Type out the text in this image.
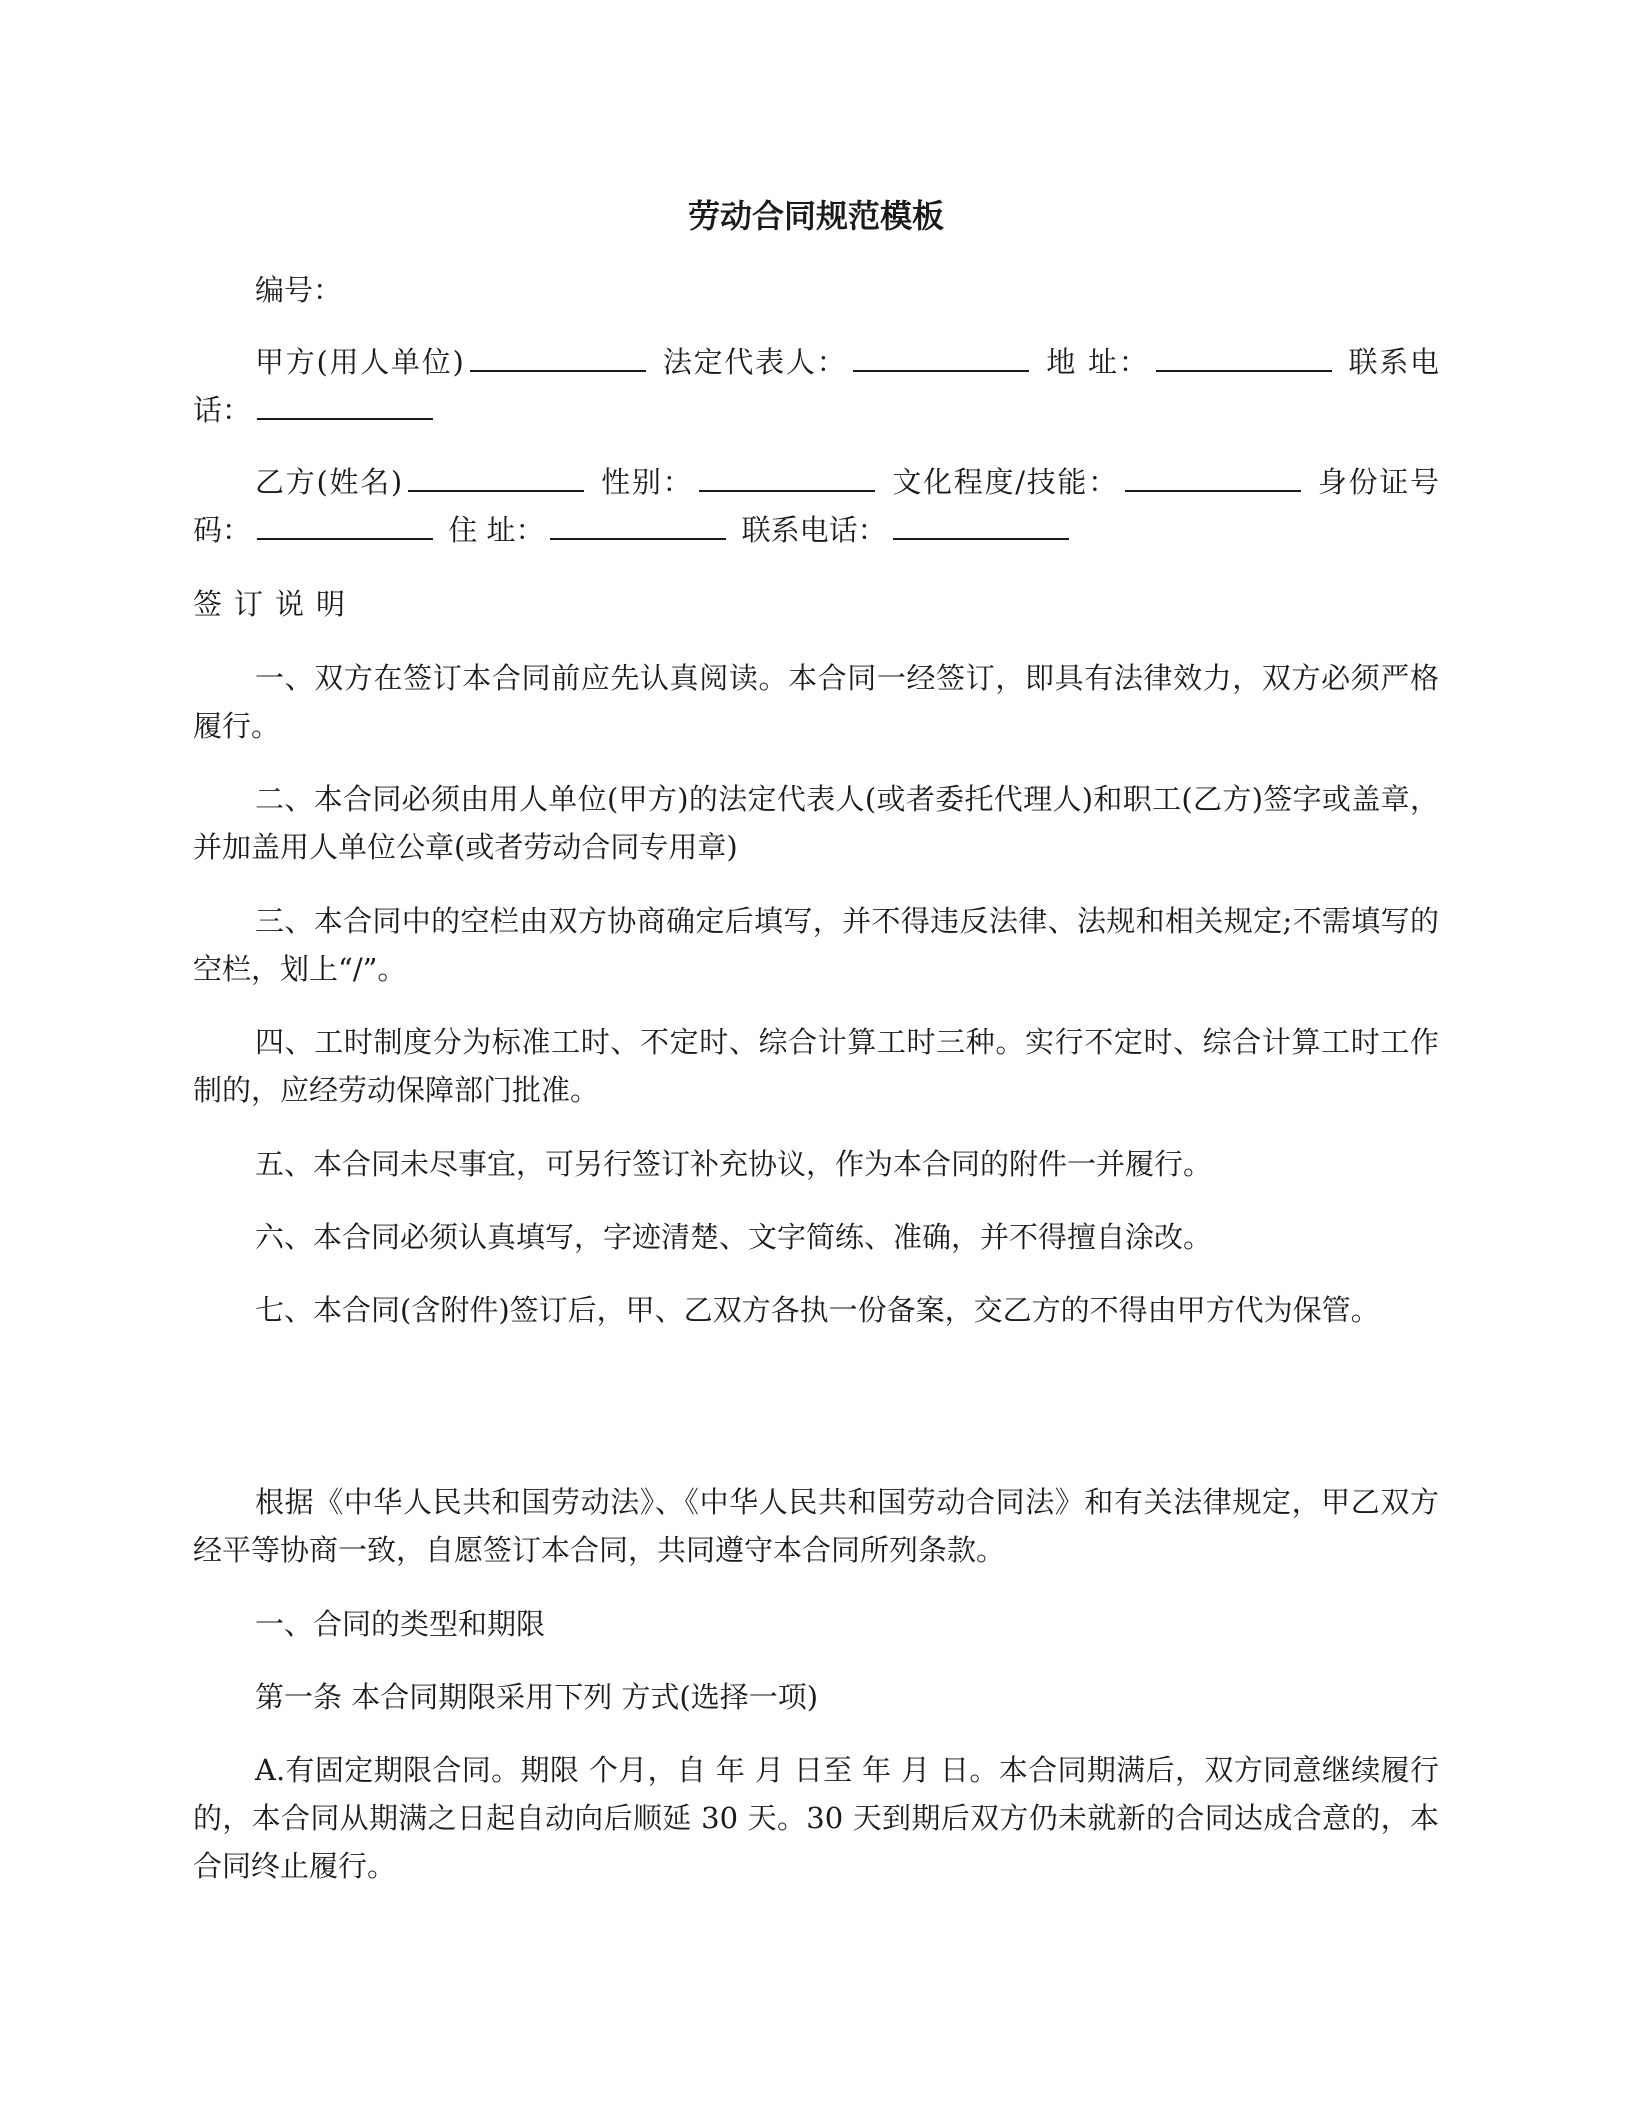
劳动合同规范模板

编号：

甲方(用人单位)	法定代表人：	地 址：	联系电话：

乙方(姓名)	性别：	文化程度/技能：	身份证号码：	住 址：	联系电话：

签订说明

一、双方在签订本合同前应先认真阅读。本合同一经签订，即具有法律效力，双方必须严格履行。

二、本合同必须由用人单位(甲方)的法定代表人(或者委托代理人)和职工(乙方)签字或盖章，并加盖用人单位公章(或者劳动合同专用章)

三、本合同中的空栏由双方协商确定后填写，并不得违反法律、法规和相关规定;不需填写的空栏，划上“/”。

四、工时制度分为标准工时、不定时、综合计算工时三种。实行不定时、综合计算工时工作制的，应经劳动保障部门批准。

五、本合同未尽事宜，可另行签订补充协议，作为本合同的附件一并履行。

六、本合同必须认真填写，字迹清楚、文字简练、准确，并不得擅自涂改。

七、本合同(含附件)签订后，甲、乙双方各执一份备案，交乙方的不得由甲方代为保管。

根据《中华人民共和国劳动法》、《中华人民共和国劳动合同法》和有关法律规定，甲乙双方经平等协商一致，自愿签订本合同，共同遵守本合同所列条款。

一、合同的类型和期限

第一条 本合同期限采用下列 方式(选择一项)

A.有固定期限合同。期限 个月，自 年 月 日至 年 月 日。本合同期满后，双方同意继续履行的，本合同从期满之日起自动向后顺延 30 天。30 天到期后双方仍未就新的合同达成合意的，本合同终止履行。
